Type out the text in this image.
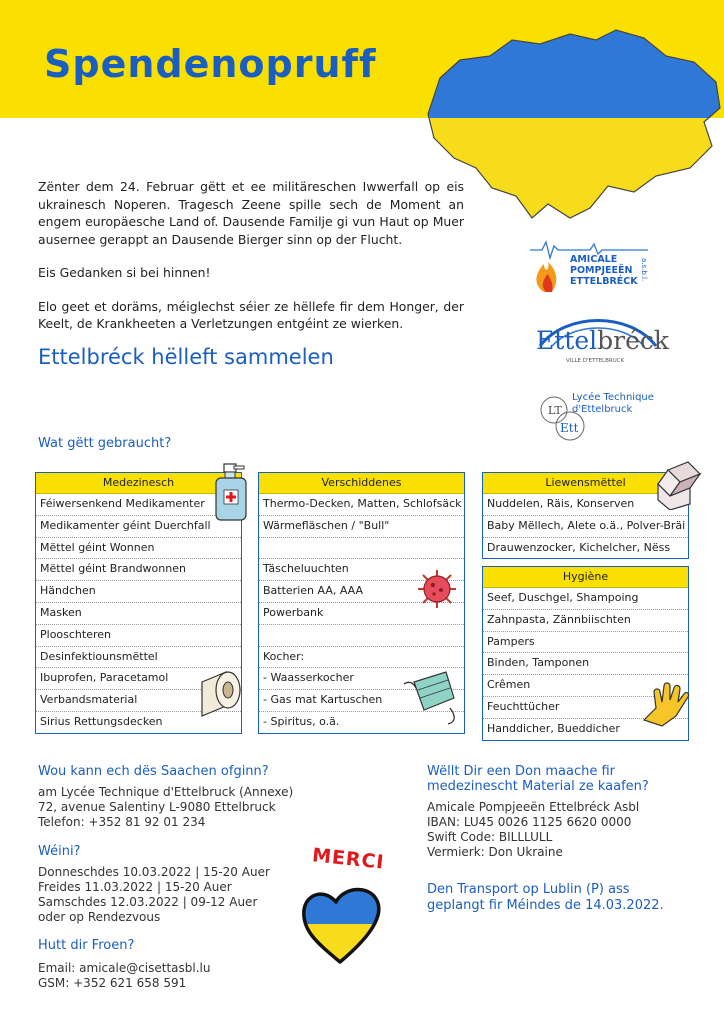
Spendenopruff

Zënter dem 24. Februar gëtt et ee militäreschen Iwwerfall op eis ukrainesch Noperen. Tragesch Zeene spille sech de Moment an engem europäesche Land of. Dausende Familje gi vun Haut op Muer ausernee gerappt an Dausende Bierger sinn op der Flucht.

Eis Gedanken si bei hinnen!

Elo geet et doräms, méiglechst séier ze hëllefe fir dem Honger, der Keelt, de Krankheeten a Verletzungen entgéint ze wierken.

Ettelbréck hëlleft sammelen
AMICALE
POMPJEEËN
ETTELBRÉCK
a.s.b.l.
Ettelbréck
VILLE D'ETTELBRUCK
LT
Ett
Lycée Technique
d'Ettelbruck
Wat gëtt gebraucht?
Medezinesch
Féiwersenkend Medikamenter
Medikamenter géint Duerchfall
Mëttel géint Wonnen
Mëttel géint Brandwonnen
Händchen
Masken
Plooschteren
Desinfektiounsmëttel
Ibuprofen, Paracetamol
Verbandsmaterial
Sirius Rettungsdecken
Verschiddenes
Thermo-Decken, Matten, Schlofsäck
Wärmefläschen / "Bull"
Täscheluuchten
Batterien AA, AAA
Powerbank
Kocher:
- Waasserkocher
- Gas mat Kartuschen
- Spiritus, o.ä.
Liewensmëttel
Nuddelen, Räis, Konserven
Baby Mëllech, Alete o.ä., Polver-Bräi
Drauwenzocker, Kichelcher, Nëss
Hygiène
Seef, Duschgel, Shampoing
Zahnpasta, Zännbiischten
Pampers
Binden, Tamponen
Crêmen
Feuchttücher
Handdicher, Bueddicher
Wou kann ech dës Saachen ofginn?
am Lycée Technique d'Ettelbruck (Annexe)
72, avenue Salentiny L-9080 Ettelbruck
Telefon: +352 81 92 01 234
Wéini?
Donneschdes 10.03.2022 | 15-20 Auer
Freides 11.03.2022 | 15-20 Auer
Samschdes 12.03.2022 | 09-12 Auer
oder op Rendezvous
Hutt dir Froen?
Email: amicale@cisettasbl.lu
GSM: +352 621 658 591
MERCI
Wëllt Dir een Don maache fir
medezinescht Material ze kaafen?
Amicale Pompjeeën Ettelbréck Asbl
IBAN: LU45 0026 1125 6620 0000
Swift Code: BILLLULL
Vermierk: Don Ukraine
Den Transport op Lublin (P) ass
geplangt fir Méindes de 14.03.2022.
